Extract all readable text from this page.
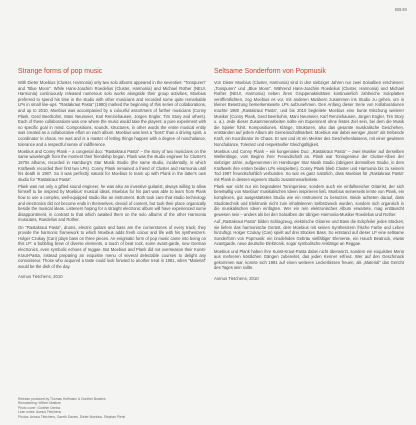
BB49
Strange forms of pop music

With Dieter Moebius (Cluster, Harmonia) only two solo albums appeared in the seventies: "Tonspuren" and "Blue Moon". While Hans-Joachim Roedelius (Cluster, Harmonia) and Michael Rother (NEU!, Harmonia) continuously released numerous solo works alongside their group activities, Moebius preferred to spend his time in the studio with other musicians and recorded some quite remarkable LPs in small line-ups. "Rastakraut Pasta" (1980) marked the beginning of this series of collaborations, and up to 2010, Moebius was accompanied by a colourful assortment of further musicians (Conny Plank, Gerd Beerbohm, Mani Neumeier, Karl Renziehausen, Jürgen Engler, Tim Story and others). Each of these collaborations was one where the music would take the players: a pure experiment with no specific goal in mind. Compositions, sounds, structures, in other words the entire musical entity was created as a collaborative effort on each album. Moebius was less a "boss" than a driving spirit, a coordinator in chaos. He was and is a master of letting things happen with a degree of nonchalance, tolerance and a respectful sense of indifference.

Moebius and Conny Plank – a congenial duo: "Rastakraut Pasta" – the story of two musicians on the same wavelength from the moment their friendship began. Plank was the studio engineer for Cluster's 1970s albums, recorded in Hamburg's Star Musik Studio (the same studio, incidentally, in which Kraftwerk recorded their first two LPs). Conny Plank remained a friend of Cluster and Harmonia until his death in 1987. So it was perfectly natural for Moebius to team up with Plank in the latter's own studio for "Rastakraut Pasta".

Plank was not only a gifted sound engineer, he was also an inventive guitarist, always willing to allow himself to be inspired by Moebius' musical ideas. Moebius for his part was able to learn from Plank how to use a complex, well-equipped studio like an instrument. Both took care that studio technology and electronics did not become ends in themselves, devoid of content, but took their place organically beside the musical ideas. Listeners hoping for a straight electronic album will have experienced some disappointment, in contrast to that which awaited them on the solo albums of the other Harmonia musicians, Roedelius and Rother.

On "Rastakraut Pasta", drums, electric guitars and bass are the cornerstones of every track; they provide the harmonic framework to which Moebius adds fresh colour and life with his synthesizers. Holger Czukay (Can) plays bass on three pieces. An enigmatic form of pop music came into being on this LP: a bubbling brew of diverse elements, a touch of beat rock, some avant-garde, new German electronics, even symbolic echoes of reggae. But Moebius and Plank did not overseason their Kunst-Kraut-Pasta, instead preparing an exquisite menu of several delectable courses to delight any connoisseur. Those who acquired a taste could look forward to another treat in 1981, when "Material" would be the dish of the day.

Asmus Tietchens, 2010
Seltsame Sonderform von Popmusik

Von Dieter Moebius (Cluster, Harmonia) sind in den siebziger Jahren nur zwei Soloalben erschienen: „Tonspuren" und „Blue Moon". Während Hans-Joachim Roedelius (Cluster, Harmonia) und Michael Rother (NEU!, Harmonia) neben ihren Gruppenaktivitäten kontinuierlich zahlreiche Soloplatten veröffentlichten, zog Moebius es vor, mit anderen Musikern zusammen ins Studio zu gehen, um in kleiner Besetzung bemerkenswerte LPs aufzunehmen. Den Anfang dieser Serie von Kollaborationen machte 1980 „Rastakraut Pasta", und bis 2010 begleitete Moebius eine bunte Mischung weiterer Musiker (Conny Plank, Gerd Beerbohm, Mani Neumeier, Karl Renziehausen, Jürgen Engler, Tim Story u. a.). Jede dieser Zusammenarbeiten sollte ein Experiment ohne festes Ziel sein, bei dem die Musik die Spieler führt. Kompositionen, Klänge, Strukturen, also das gesamte musikalische Geschehen, entstanden auf jedem Album als Gemeinschaftsarbeit. Moebius war dabei weniger „Boss" als treibende Kraft, ein Koordinator im Chaos. Er war und ist ein Meister des Geschehenlassens, mit einer gewissen Nonchalance, Toleranz und respektvoller Gleichgültigkeit.

Moebius und Conny Plank – ein kongeniales Duo: „Rastakraut Pasta" – zwei Musiker auf derselben Wellenlänge, vom Beginn ihrer Freundschaft an. Plank war Toningenieur der Cluster-Alben der siebziger Jahre, aufgenommen im Hamburger Star Musik Studio (übrigens demselben Studio, in dem Kraftwerk ihre ersten beiden LPs einspielten). Conny Plank blieb Cluster und Harmonia bis zu seinem Tod 1987 freundschaftlich verbunden. So war es ganz natürlich, dass Moebius für „Rastakraut Pasta" mit Plank in dessen eigenem Studio zusammenarbeitete.

Plank war nicht nur ein begnadeter Toningenieur, sondern auch ein einfallsreicher Gitarrist, der sich bereitwillig von Moebius' musikalischen Ideen inspirieren ließ. Moebius seinerseits lernte von Plank, ein komplexes, gut ausgestattetes Studio wie ein Instrument zu benutzen. Beide achteten darauf, dass Studiotechnik und Elektronik nicht zum inhaltsleeren Selbstzweck wurden, sondern sich organisch in die musikalischen Ideen einfügten. Wer ein rein elektronisches Album erwartete, mag enttäuscht gewesen sein – anders als bei den Soloalben der übrigen Harmonia-Musiker Roedelius und Rother.

Auf „Rastakraut Pasta" bilden Schlagzeug, elektrische Gitarren und Bass die Eckpfeiler jedes Stückes; sie liefern das harmonische Gerüst, dem Moebius mit seinen Synthesizern frische Farbe und Leben hinzufügt. Holger Czukay (Can) spielt auf drei Stücken Bass. So entstand auf dieser LP eine seltsame Sonderform von Popmusik: ein brodelndes Gebräu vielfältiger Elemente, ein Hauch Beatrock, etwas Avantgarde, neue deutsche Elektronik, sogar symbolische Anklänge an Reggae.

Moebius und Plank haben ihre Kunst-Kraut-Pasta dabei nicht überwürzt, sondern ein exquisites Menü aus mehreren köstlichen Gängen zubereitet, das jeden Kenner erfreut. Wer auf den Geschmack gekommen war, konnte sich 1981 auf einen weiteren Leckerbissen freuen, als „Material" das Gericht des Tages sein sollte.

Asmus Tietchens, 2010
Release produced by Thomas Hoffmann & Gunther Buskies
Remastering: Willem Makkee
Photo cover: Gunther Deniss
Liner notes: Asmus Tietchens
Photos: Asmus Tietchens, Gareth Davies, Dieter Moebius, Stephan Plenk
